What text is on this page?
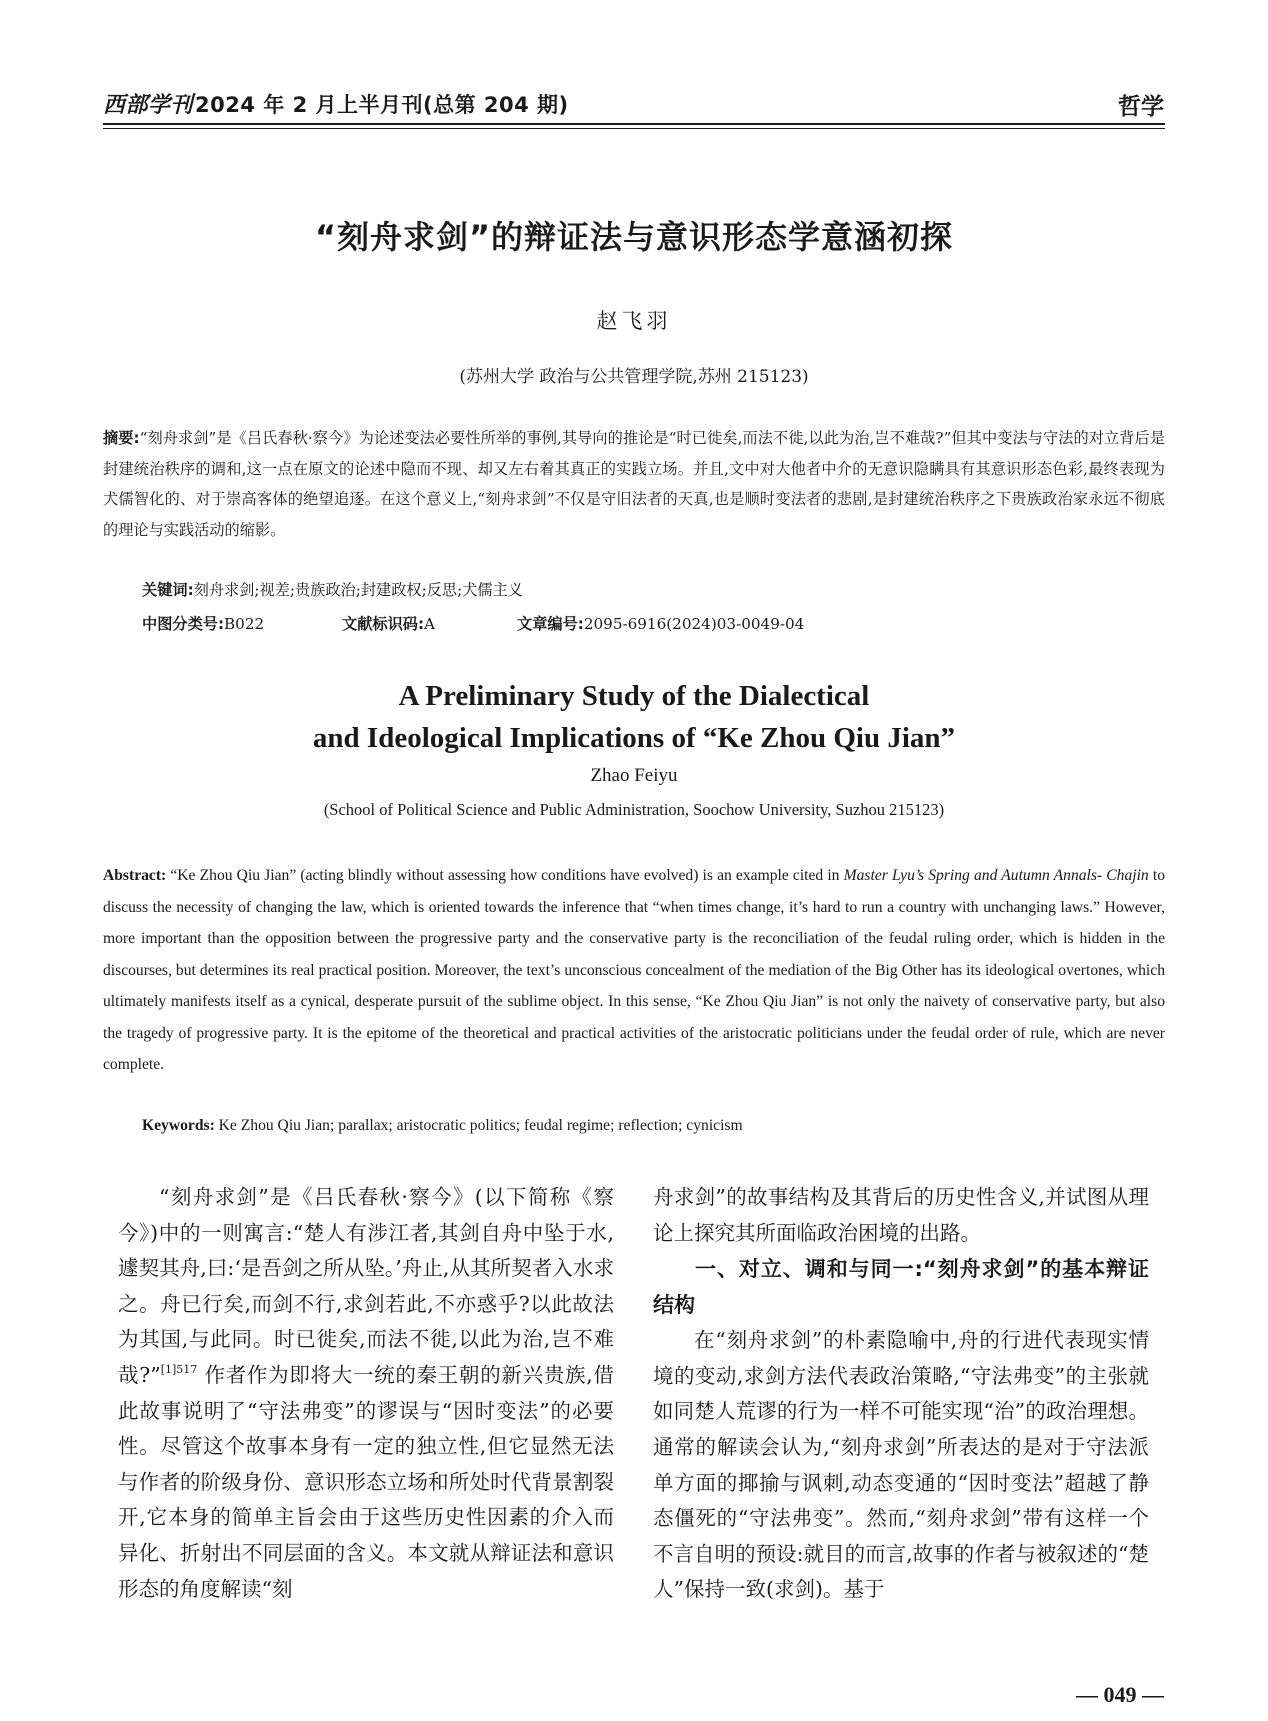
西部学刊2024 年 2 月上半月刊(总第 204 期)	哲学
“刻舟求剑”的辩证法与意识形态学意涵初探
赵飞羽
(苏州大学 政治与公共管理学院,苏州 215123)
摘要:“刻舟求剑”是《吕氏春秋·察今》为论述变法必要性所举的事例,其导向的推论是“时已徙矣,而法不徙,以此为治,岂不难哉?”但其中变法与守法的对立背后是封建统治秩序的调和,这一点在原文的论述中隐而不现、却又左右着其真正的实践立场。并且,文中对大他者中介的无意识隐瞒具有其意识形态色彩,最终表现为犬儒智化的、对于崇高客体的绝望追逐。在这个意义上,“刻舟求剑”不仅是守旧法者的天真,也是顺时变法者的悲剧,是封建统治秩序之下贵族政治家永远不彻底的理论与实践活动的缩影。
关键词:刻舟求剑;视差;贵族政治;封建政权;反思;犬儒主义
中图分类号:B022	文献标识码:A	文章编号:2095-6916(2024)03-0049-04
A Preliminary Study of the Dialectical
and Ideological Implications of “Ke Zhou Qiu Jian”
Zhao Feiyu
(School of Political Science and Public Administration, Soochow University, Suzhou 215123)
Abstract: “Ke Zhou Qiu Jian” (acting blindly without assessing how conditions have evolved) is an example cited in Master Lyu’s Spring and Autumn Annals- Chajin to discuss the necessity of changing the law, which is oriented towards the inference that “when times change, it’s hard to run a country with unchanging laws.” However, more important than the opposition between the progressive party and the conservative party is the reconciliation of the feudal ruling order, which is hidden in the discourses, but determines its real practical position. Moreover, the text’s unconscious concealment of the mediation of the Big Other has its ideological overtones, which ultimately manifests itself as a cynical, desperate pursuit of the sublime object. In this sense, “Ke Zhou Qiu Jian” is not only the naivety of conservative party, but also the tragedy of progressive party. It is the epitome of the theoretical and practical activities of the aristocratic politicians under the feudal order of rule, which are never complete.
Keywords: Ke Zhou Qiu Jian; parallax; aristocratic politics; feudal regime; reflection; cynicism

“刻舟求剑”是《吕氏春秋·察今》(以下简称《察今》)中的一则寓言:“楚人有涉江者,其剑自舟中坠于水,遽契其舟,曰:‘是吾剑之所从坠。’舟止,从其所契者入水求之。舟已行矣,而剑不行,求剑若此,不亦惑乎?以此故法为其国,与此同。时已徙矣,而法不徙,以此为治,岂不难哉?”$^{[1]517}$ 作者作为即将大一统的秦王朝的新兴贵族,借此故事说明了“守法弗变”的谬误与“因时变法”的必要性。尽管这个故事本身有一定的独立性,但它显然无法与作者的阶级身份、意识形态立场和所处时代背景割裂开,它本身的简单主旨会由于这些历史性因素的介入而异化、折射出不同层面的含义。本文就从辩证法和意识形态的角度解读“刻

舟求剑”的故事结构及其背后的历史性含义,并试图从理论上探究其所面临政治困境的出路。

一、对立、调和与同一:“刻舟求剑”的基本辩证结构

在“刻舟求剑”的朴素隐喻中,舟的行进代表现实情境的变动,求剑方法代表政治策略,“守法弗变”的主张就如同楚人荒谬的行为一样不可能实现“治”的政治理想。通常的解读会认为,“刻舟求剑”所表达的是对于守法派单方面的揶揄与讽刺,动态变通的“因时变法”超越了静态僵死的“守法弗变”。然而,“刻舟求剑”带有这样一个不言自明的预设:就目的而言,故事的作者与被叙述的“楚人”保持一致(求剑)。基于

— 049 —
